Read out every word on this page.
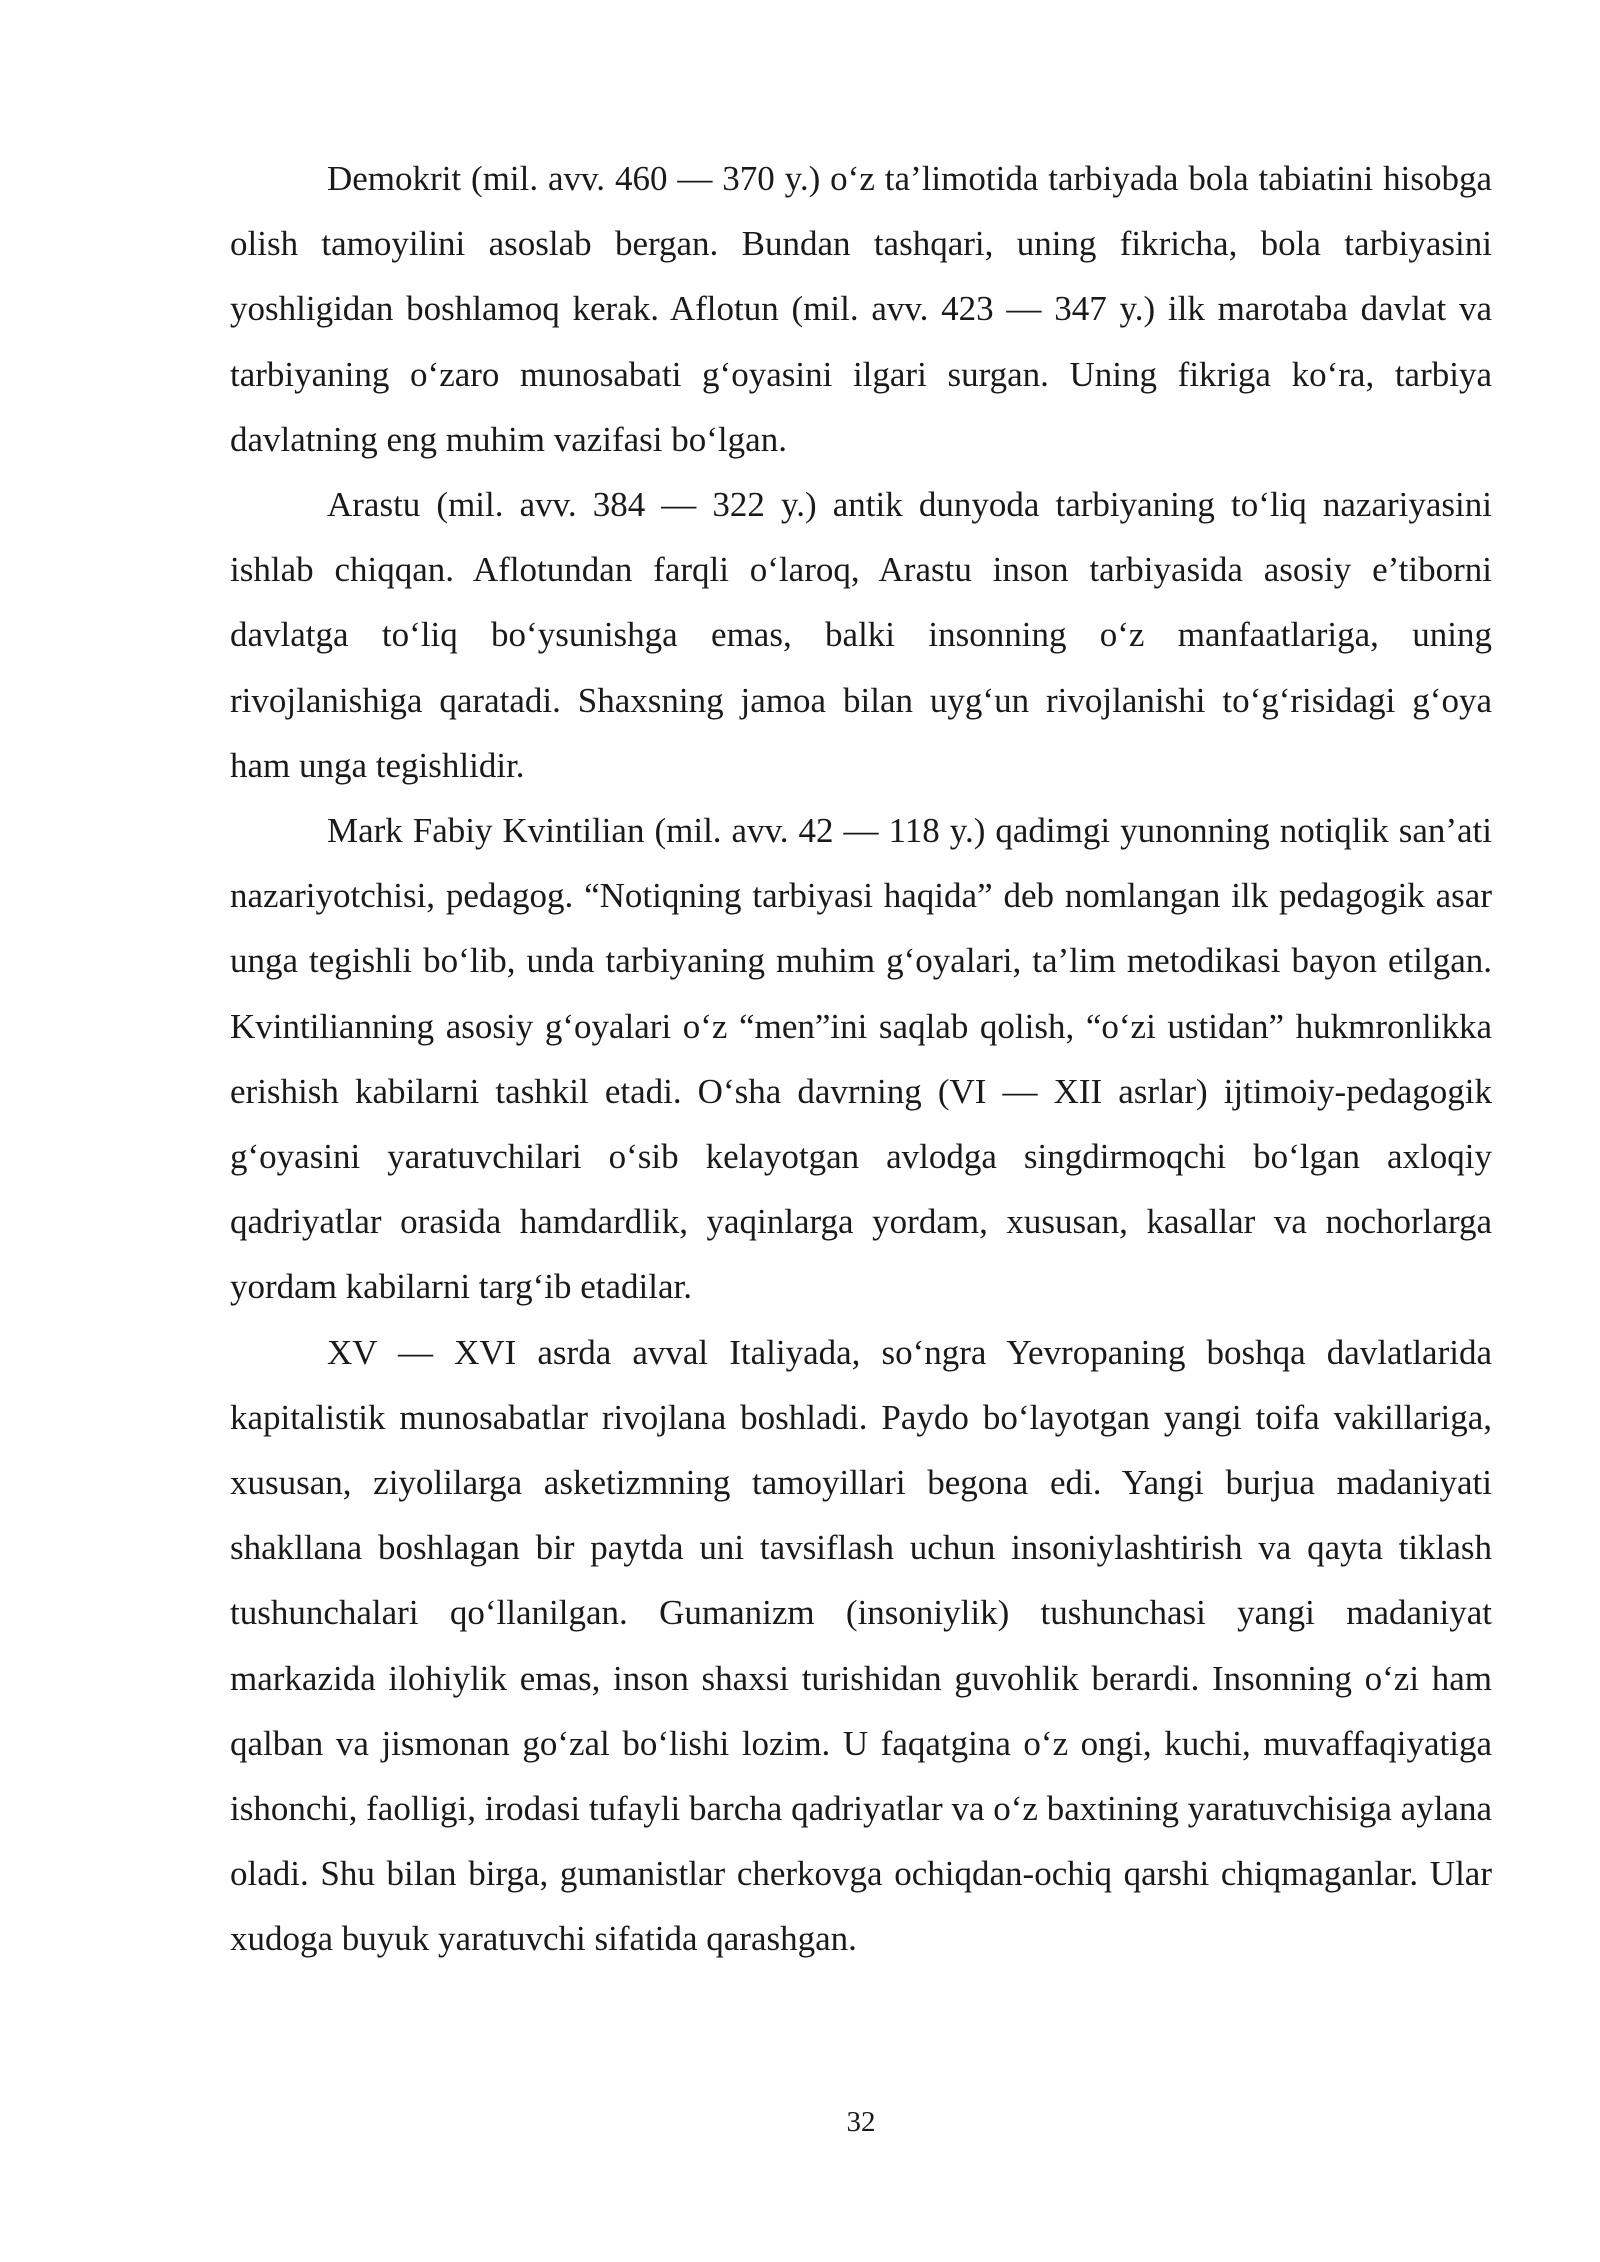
Demokrit (mil. avv. 460 — 370 y.) o‘z ta’limotida tarbiyada bola tabiatini hisobga olish tamoyilini asoslab bergan. Bundan tashqari, uning fikricha, bola tarbiyasini yoshligidan boshlamoq kerak. Aflotun (mil. avv. 423 — 347 y.) ilk marotaba davlat va tarbiyaning o‘zaro munosabati g‘oyasini ilgari surgan. Uning fikriga ko‘ra, tarbiya davlatning eng muhim vazifasi bo‘lgan.

Arastu (mil. avv. 384 — 322 y.) antik dunyoda tarbiyaning to‘liq nazariyasini ishlab chiqqan. Aflotundan farqli o‘laroq, Arastu inson tarbiyasida asosiy e’tiborni davlatga to‘liq bo‘ysunishga emas, balki insonning o‘z manfaatlariga, uning rivojlanishiga qaratadi. Shaxsning jamoa bilan uyg‘un rivojlanishi to‘g‘risidagi g‘oya ham unga tegishlidir.

Mark Fabiy Kvintilian (mil. avv. 42 — 118 y.) qadimgi yunonning notiqlik san’ati nazariyotchisi, pedagog. “Notiqning tarbiyasi haqida” deb nomlangan ilk pedagogik asar unga tegishli bo‘lib, unda tarbiyaning muhim g‘oyalari, ta’lim metodikasi bayon etilgan. Kvintilianning asosiy g‘oyalari o‘z “men”ini saqlab qolish, “o‘zi ustidan” hukmronlikka erishish kabilarni tashkil etadi. O‘sha davrning (VI — XII asrlar) ijtimoiy-pedagogik g‘oyasini yaratuvchilari o‘sib kelayotgan avlodga singdirmoqchi bo‘lgan axloqiy qadriyatlar orasida hamdardlik, yaqinlarga yordam, xususan, kasallar va nochorlarga yordam kabilarni targ‘ib etadilar.

XV — XVI asrda avval Italiyada, so‘ngra Yevropaning boshqa davlatlarida kapitalistik munosabatlar rivojlana boshladi. Paydo bo‘layotgan yangi toifa vakillariga, xususan, ziyolilarga asketizmning tamoyillari begona edi. Yangi burjua madaniyati shakllana boshlagan bir paytda uni tavsiflash uchun insoniylashtirish va qayta tiklash tushunchalari qo‘llanilgan. Gumanizm (insoniylik) tushunchasi yangi madaniyat markazida ilohiylik emas, inson shaxsi turishidan guvohlik berardi. Insonning o‘zi ham qalban va jismonan go‘zal bo‘lishi lozim. U faqatgina o‘z ongi, kuchi, muvaffaqiyatiga ishonchi, faolligi, irodasi tufayli barcha qadriyatlar va o‘z baxtining yaratuvchisiga aylana oladi. Shu bilan birga, gumanistlar cherkovga ochiqdan-ochiq qarshi chiqmaganlar. Ular xudoga buyuk yaratuvchi sifatida qarashgan.

32
